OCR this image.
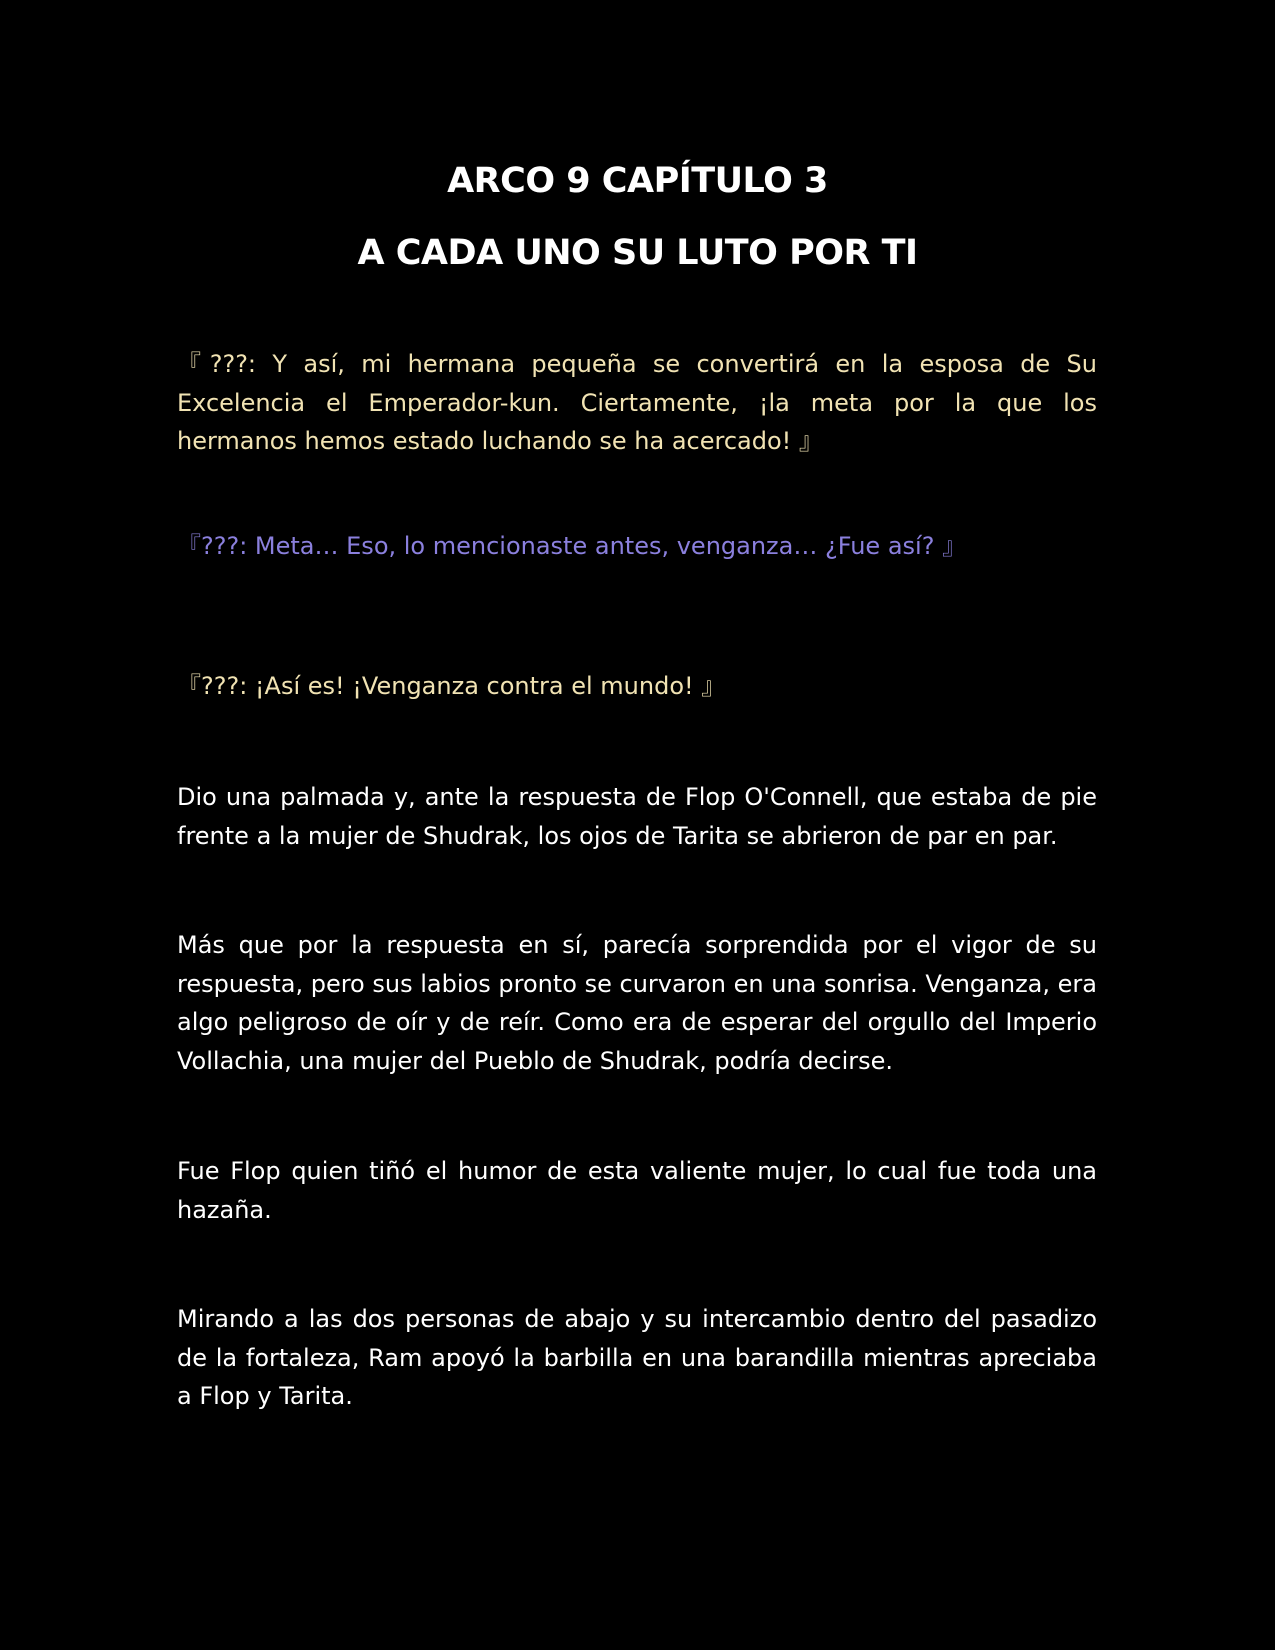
ARCO 9 CAPÍTULO 3
A CADA UNO SU LUTO POR TI

『???: Y así, mi hermana pequeña se convertirá en la esposa de Su Excelencia el Emperador-kun. Ciertamente, ¡la meta por la que los hermanos hemos estado luchando se ha acercado! 』

『???: Meta… Eso, lo mencionaste antes, venganza… ¿Fue así? 』

『???: ¡Así es! ¡Venganza contra el mundo! 』

Dio una palmada y, ante la respuesta de Flop O'Connell, que estaba de pie frente a la mujer de Shudrak, los ojos de Tarita se abrieron de par en par.

Más que por la respuesta en sí, parecía sorprendida por el vigor de su respuesta, pero sus labios pronto se curvaron en una sonrisa. Venganza, era algo peligroso de oír y de reír. Como era de esperar del orgullo del Imperio Vollachia, una mujer del Pueblo de Shudrak, podría decirse.

Fue Flop quien tiñó el humor de esta valiente mujer, lo cual fue toda una hazaña.

Mirando a las dos personas de abajo y su intercambio dentro del pasadizo de la fortaleza, Ram apoyó la barbilla en una barandilla mientras apreciaba a Flop y Tarita.
